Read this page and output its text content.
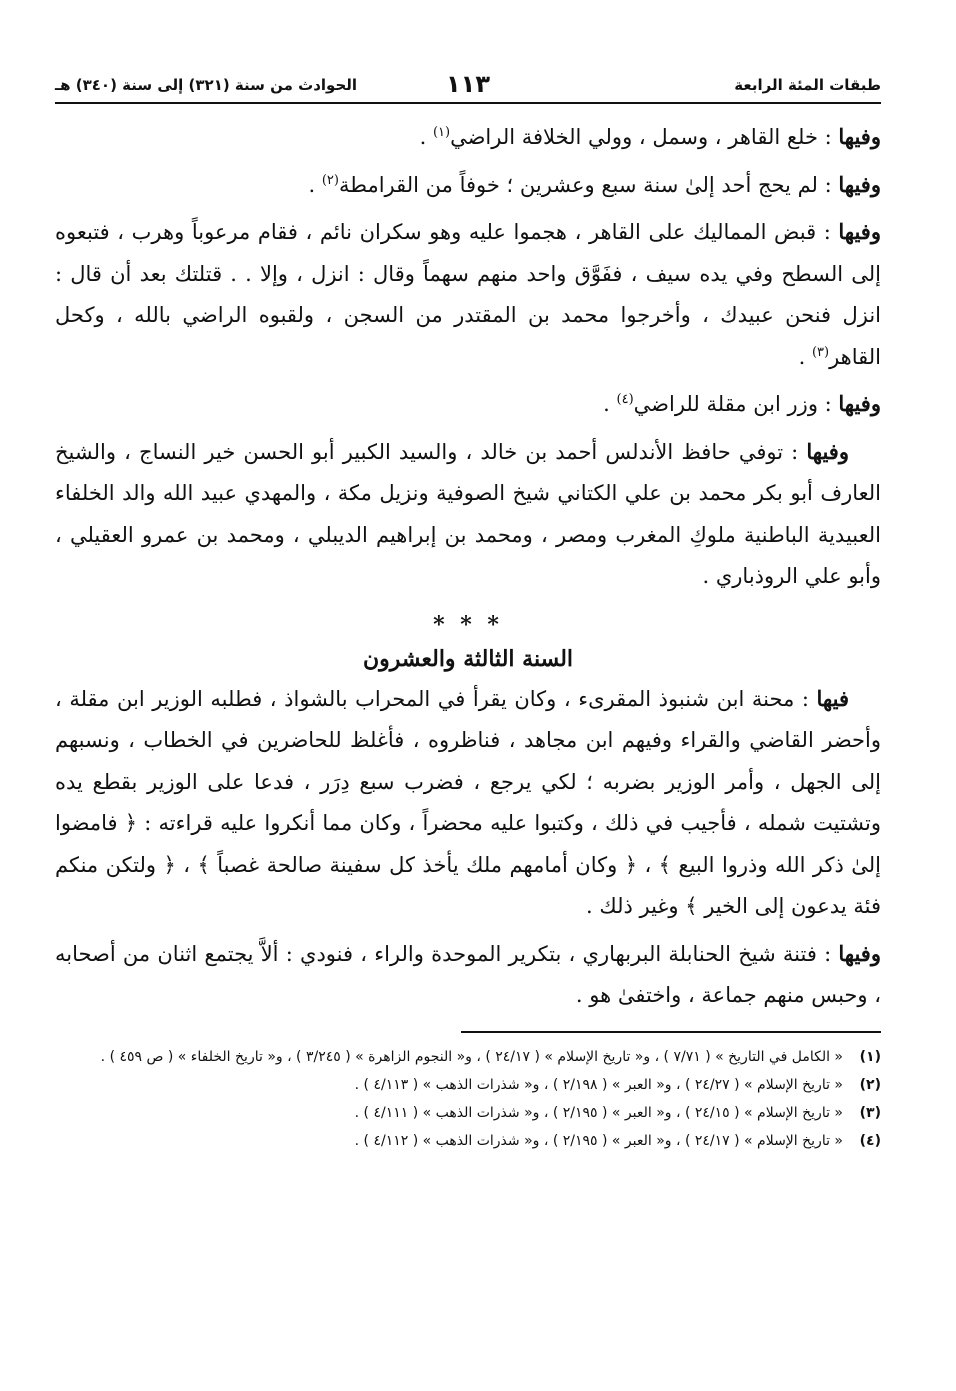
طبقات المئة الرابعة
١١٣
الحوادث من سنة (٣٢١) إلى سنة (٣٤٠) هـ

وفيها : خلع القاهر ، وسمل ، وولي الخلافة الراضي$^{(١)}$ .

وفيها : لم يحج أحد إلىٰ سنة سبع وعشرين ؛ خوفاً من القرامطة$^{(٢)}$ .

وفيها : قبض المماليك على القاهر ، هجموا عليه وهو سكران نائم ، فقام مرعوباً وهرب ، فتبعوه إلى السطح وفي يده سيف ، ففَوَّق واحد منهم سهماً وقال : انزل ، وإلا . . قتلتك بعد أن قال : انزل فنحن عبيدك ، وأخرجوا محمد بن المقتدر من السجن ، ولقبوه الراضي بالله ، وكحل القاهر$^{(٣)}$ .

وفيها : وزر ابن مقلة للراضي$^{(٤)}$ .

وفيها : توفي حافظ الأندلس أحمد بن خالد ، والسيد الكبير أبو الحسن خير النساج ، والشيخ العارف أبو بكر محمد بن علي الكتاني شيخ الصوفية ونزيل مكة ، والمهدي عبيد الله والد الخلفاء العبيدية الباطنية ملوكِ المغرب ومصر ، ومحمد بن إبراهيم الديبلي ، ومحمد بن عمرو العقيلي ، وأبو علي الروذباري .

* * *
السنة الثالثة والعشرون

فيها : محنة ابن شنبوذ المقرىء ، وكان يقرأ في المحراب بالشواذ ، فطلبه الوزير ابن مقلة ، وأحضر القاضي والقراء وفيهم ابن مجاهد ، فناظروه ، فأغلظ للحاضرين في الخطاب ، ونسبهم إلى الجهل ، وأمر الوزير بضربه ؛ لكي يرجع ، فضرب سبع دِرَر ، فدعا على الوزير بقطع يده وتشتيت شمله ، فأجيب في ذلك ، وكتبوا عليه محضراً ، وكان مما أنكروا عليه قراءته : ﴿ فامضوا إلىٰ ذكر الله وذروا البيع ﴾ ، ﴿ وكان أمامهم ملك يأخذ كل سفينة صالحة غصباً ﴾ ، ﴿ ولتكن منكم فئة يدعون إلى الخير ﴾ وغير ذلك .

وفيها : فتنة شيخ الحنابلة البربهاري ، بتكرير الموحدة والراء ، فنودي : ألاَّ يجتمع اثنان من أصحابه ، وحبس منهم جماعة ، واختفىٰ هو .

(١)
« الكامل في التاريخ » ( ٧/٧١ ) ، و« تاريخ الإسلام » ( ٢٤/١٧ ) ، و« النجوم الزاهرة » ( ٣/٢٤٥ ) ، و« تاريخ الخلفاء » ( ص ٤٥٩ ) .
(٢)
« تاريخ الإسلام » ( ٢٤/٢٧ ) ، و« العبر » ( ٢/١٩٨ ) ، و« شذرات الذهب » ( ٤/١١٣ ) .
(٣)
« تاريخ الإسلام » ( ٢٤/١٥ ) ، و« العبر » ( ٢/١٩٥ ) ، و« شذرات الذهب » ( ٤/١١١ ) .
(٤)
« تاريخ الإسلام » ( ٢٤/١٧ ) ، و« العبر » ( ٢/١٩٥ ) ، و« شذرات الذهب » ( ٤/١١٢ ) .
